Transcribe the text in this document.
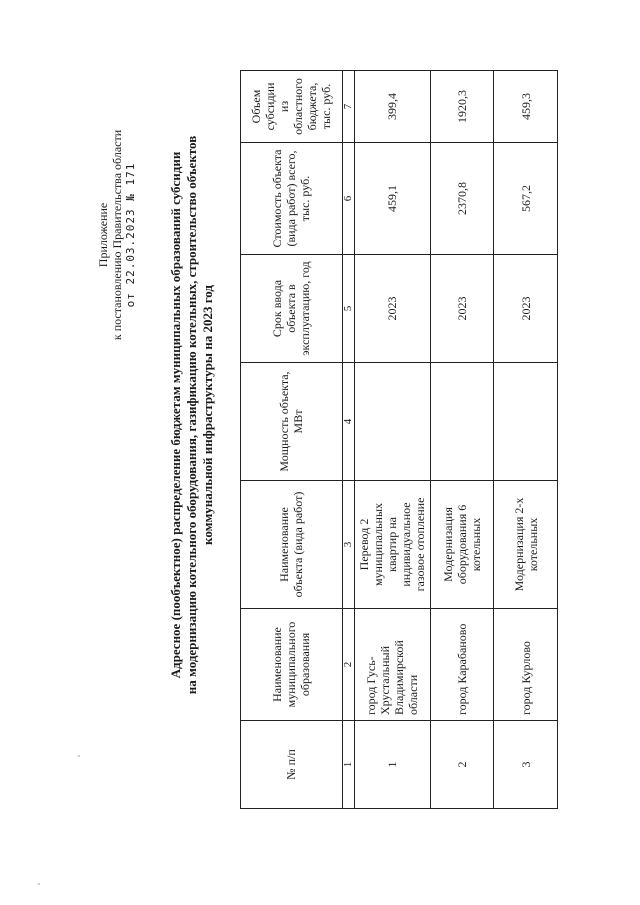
Приложение к постановлению Правительства области от 22.03.2023 № 171 Адресное (пообъектное) распределение бюджетам муниципальных образований субсидии на модернизацию котельного оборудования, газификацию котельных, строительство объектов коммунальной инфраструктуры на 2023 год
№ п/п	Наименование муниципального образования	Наименование объекта (вида работ)	Мощность объекта, МВт	Срок ввода объекта в эксплуатацию, год	Стоимость объекта (вида работ) всего, тыс. руб.	Объем субсидии из областного бюджета, тыс. руб.
1	2	3	4	5	6	7
1	город Гусь-Хрустальный Владимирской области	Перевод 2 муниципальных квартир на индивидуальное газовое отопление		2023	459,1	399,4
2	город Карабаново	Модернизация оборудования 6 котельных		2023	2370,8	1920,3
3	город Курлово	Модернизация 2-х котельных		2023	567,2	459,3
